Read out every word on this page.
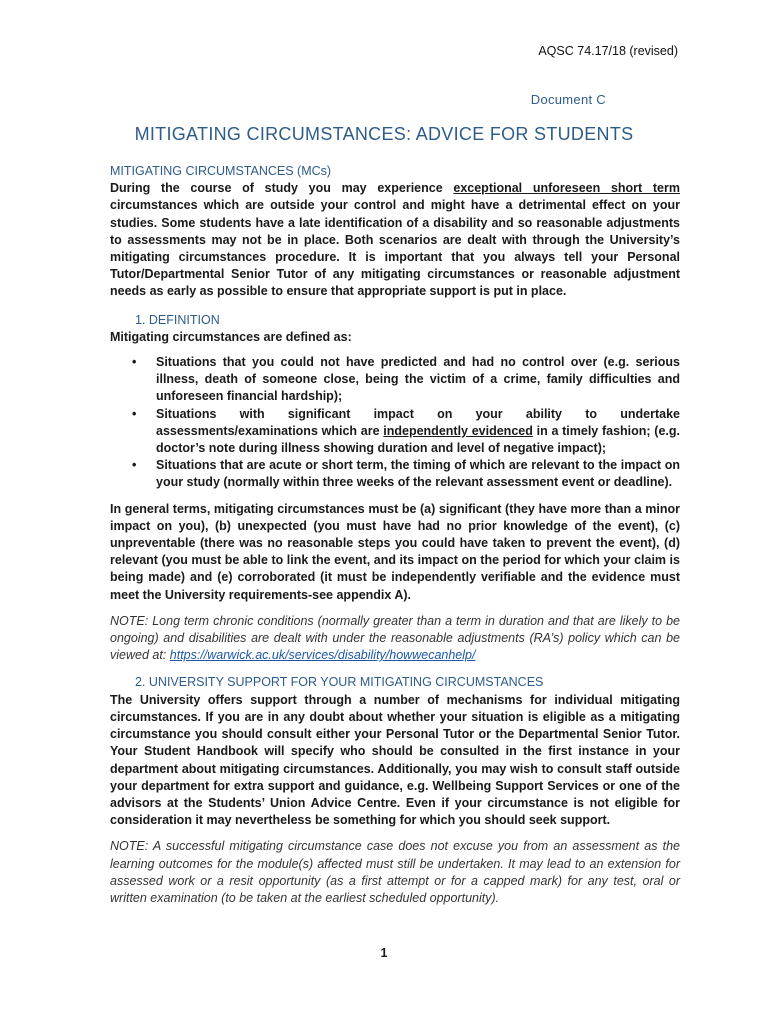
AQSC 74.17/18 (revised)
Document C
MITIGATING CIRCUMSTANCES: ADVICE FOR STUDENTS
MITIGATING CIRCUMSTANCES (MCs)

During the course of study you may experience exceptional unforeseen short term circumstances which are outside your control and might have a detrimental effect on your studies. Some students have a late identification of a disability and so reasonable adjustments to assessments may not be in place. Both scenarios are dealt with through the University’s mitigating circumstances procedure. It is important that you always tell your Personal Tutor/Departmental Senior Tutor of any mitigating circumstances or reasonable adjustment needs as early as possible to ensure that appropriate support is put in place.

1. DEFINITION

Mitigating circumstances are defined as:

• Situations that you could not have predicted and had no control over (e.g. serious illness, death of someone close, being the victim of a crime, family difficulties and unforeseen financial hardship);
• Situations with significant impact on your ability to undertake assessments/examinations which are independently evidenced in a timely fashion; (e.g. doctor’s note during illness showing duration and level of negative impact);
• Situations that are acute or short term, the timing of which are relevant to the impact on your study (normally within three weeks of the relevant assessment event or deadline).

In general terms, mitigating circumstances must be (a) significant (they have more than a minor impact on you), (b) unexpected (you must have had no prior knowledge of the event), (c) unpreventable (there was no reasonable steps you could have taken to prevent the event), (d) relevant (you must be able to link the event, and its impact on the period for which your claim is being made) and (e) corroborated (it must be independently verifiable and the evidence must meet the University requirements-see appendix A).

NOTE: Long term chronic conditions (normally greater than a term in duration and that are likely to be ongoing) and disabilities are dealt with under the reasonable adjustments (RA’s) policy which can be viewed at: https://warwick.ac.uk/services/disability/howwecanhelp/

2. UNIVERSITY SUPPORT FOR YOUR MITIGATING CIRCUMSTANCES

The University offers support through a number of mechanisms for individual mitigating circumstances. If you are in any doubt about whether your situation is eligible as a mitigating circumstance you should consult either your Personal Tutor or the Departmental Senior Tutor. Your Student Handbook will specify who should be consulted in the first instance in your department about mitigating circumstances. Additionally, you may wish to consult staff outside your department for extra support and guidance, e.g. Wellbeing Support Services or one of the advisors at the Students’ Union Advice Centre. Even if your circumstance is not eligible for consideration it may nevertheless be something for which you should seek support.

NOTE: A successful mitigating circumstance case does not excuse you from an assessment as the learning outcomes for the module(s) affected must still be undertaken. It may lead to an extension for assessed work or a resit opportunity (as a first attempt or for a capped mark) for any test, oral or written examination (to be taken at the earliest scheduled opportunity).

1
